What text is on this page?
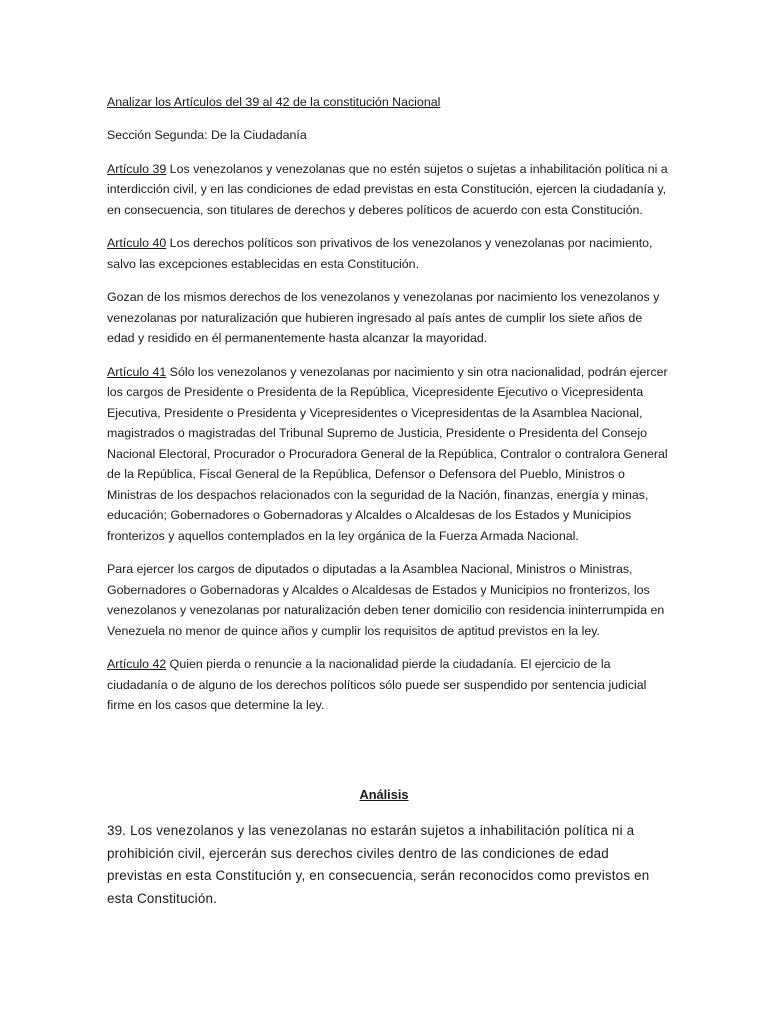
Analizar los Artículos del 39 al 42 de la constitución Nacional

Sección Segunda: De la Ciudadanía

Artículo 39 Los venezolanos y venezolanas que no estén sujetos o sujetas a inhabilitación política ni a interdicción civil, y en las condiciones de edad previstas en esta Constitución, ejercen la ciudadanía y, en consecuencia, son titulares de derechos y deberes políticos de acuerdo con esta Constitución.

Artículo 40 Los derechos políticos son privativos de los venezolanos y venezolanas por nacimiento, salvo las excepciones establecidas en esta Constitución.

Gozan de los mismos derechos de los venezolanos y venezolanas por nacimiento los venezolanos y venezolanas por naturalización que hubieren ingresado al país antes de cumplir los siete años de edad y residido en él permanentemente hasta alcanzar la mayoridad.

Artículo 41 Sólo los venezolanos y venezolanas por nacimiento y sin otra nacionalidad, podrán ejercer los cargos de Presidente o Presidenta de la República, Vicepresidente Ejecutivo o Vicepresidenta Ejecutiva, Presidente o Presidenta y Vicepresidentes o Vicepresidentas de la Asamblea Nacional, magistrados o magistradas del Tribunal Supremo de Justicia, Presidente o Presidenta del Consejo Nacional Electoral, Procurador o Procuradora General de la República, Contralor o contralora General de la República, Fiscal General de la República, Defensor o Defensora del Pueblo, Ministros o Ministras de los despachos relacionados con la seguridad de la Nación, finanzas, energía y minas, educación; Gobernadores o Gobernadoras y Alcaldes o Alcaldesas de los Estados y Municipios fronterizos y aquellos contemplados en la ley orgánica de la Fuerza Armada Nacional.

Para ejercer los cargos de diputados o diputadas a la Asamblea Nacional, Ministros o Ministras, Gobernadores o Gobernadoras y Alcaldes o Alcaldesas de Estados y Municipios no fronterizos, los venezolanos y venezolanas por naturalización deben tener domicilio con residencia ininterrumpida en Venezuela no menor de quince años y cumplir los requisitos de aptitud previstos en la ley.

Artículo 42 Quien pierda o renuncie a la nacionalidad pierde la ciudadanía. El ejercicio de la ciudadanía o de alguno de los derechos políticos sólo puede ser suspendido por sentencia judicial firme en los casos que determine la ley.

Análisis

39. Los venezolanos y las venezolanas no estarán sujetos a inhabilitación política ni a prohibición civil, ejercerán sus derechos civiles dentro de las condiciones de edad previstas en esta Constitución y, en consecuencia, serán reconocidos como previstos en esta Constitución.
